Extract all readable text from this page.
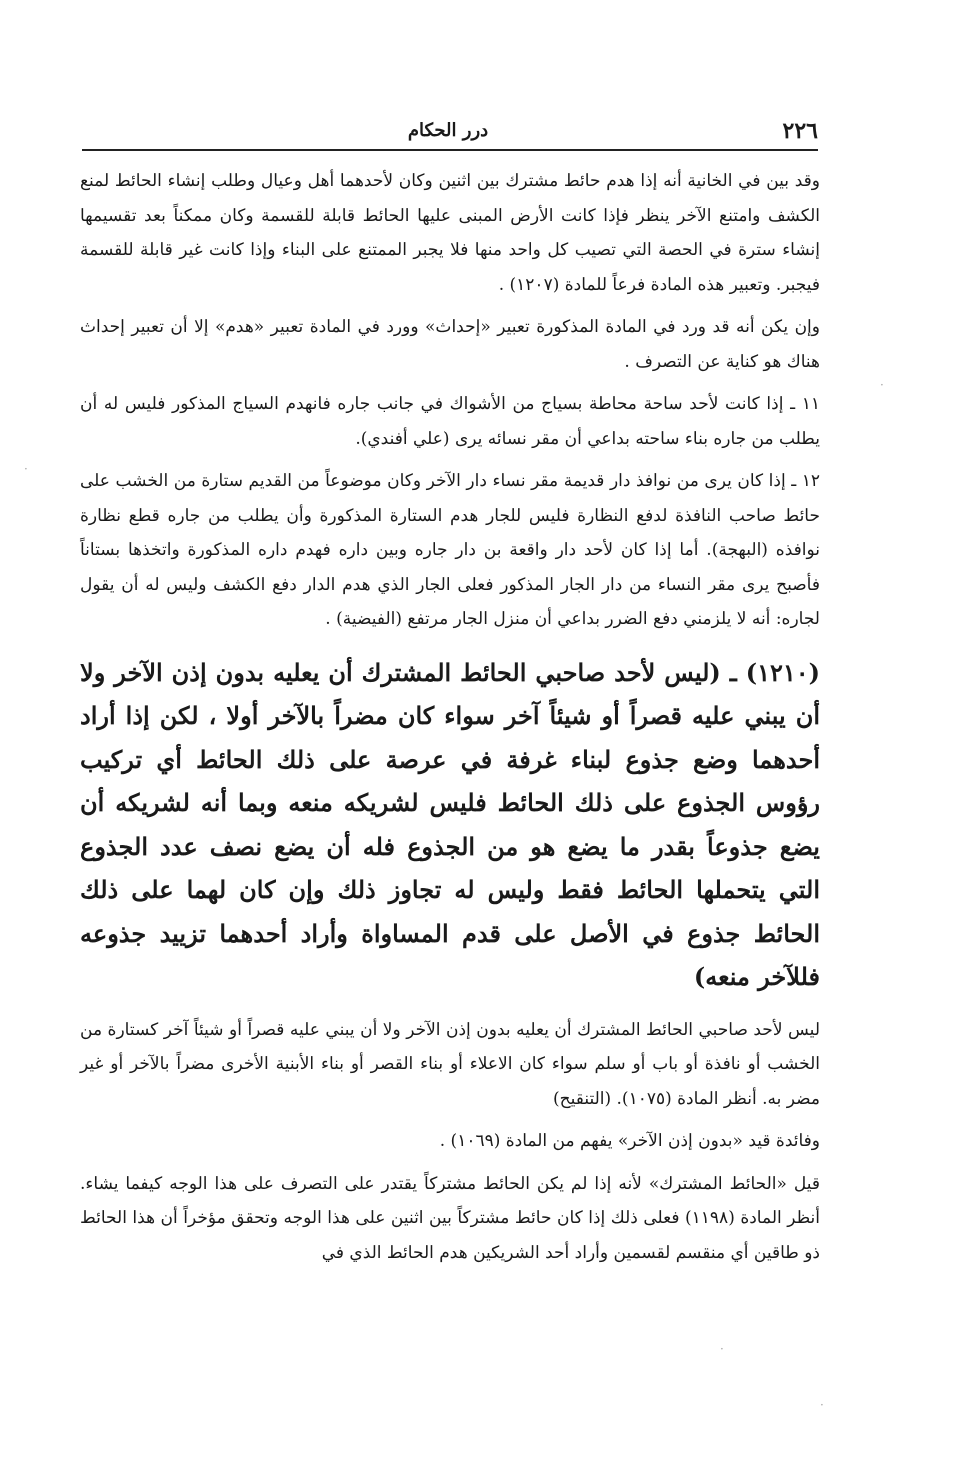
٢٢٦
درر الحكام

وقد بين في الخانية أنه إذا هدم حائط مشترك بين اثنين وكان لأحدهما أهل وعيال وطلب إنشاء الحائط لمنع الكشف وامتنع الآخر ينظر فإذا كانت الأرض المبنى عليها الحائط قابلة للقسمة وكان ممكناً بعد تقسيمها إنشاء سترة في الحصة التي تصيب كل واحد منها فلا يجبر الممتنع على البناء وإذا كانت غير قابلة للقسمة فيجبر. وتعبير هذه المادة فرعاً للمادة (١٢٠٧) .

وإن يكن أنه قد ورد في المادة المذكورة تعبير «إحداث» وورد في المادة تعبير «هدم» إلا أن تعبير إحداث هناك هو كناية عن التصرف .

١١ ـ إذا كانت لأحد ساحة محاطة بسياج من الأشواك في جانب جاره فانهدم السياج المذكور فليس له أن يطلب من جاره بناء ساحته بداعي أن مقر نسائه يرى (علي أفندي).

١٢ ـ إذا كان يرى من نوافذ دار قديمة مقر نساء دار الآخر وكان موضوعاً من القديم ستارة من الخشب على حائط صاحب النافذة لدفع النظارة فليس للجار هدم الستارة المذكورة وأن يطلب من جاره قطع نظارة نوافذه (البهجة). أما إذا كان لأحد دار واقعة بن دار جاره وبين داره فهدم داره المذكورة واتخذها بستاناً فأصبح يرى مقر النساء من دار الجار المذكور فعلى الجار الذي هدم الدار دفع الكشف وليس له أن يقول لجاره: أنه لا يلزمني دفع الضرر بداعي أن منزل الجار مرتفع (الفيضية) .

(١٢١٠) ـ (ليس لأحد صاحبي الحائط المشترك أن يعليه بدون إذن الآخر ولا أن يبني عليه قصراً أو شيئاً آخر سواء كان مضراً بالآخر أولا ، لكن إذا أراد أحدهما وضع جذوع لبناء غرفة في عرصة على ذلك الحائط أي تركيب رؤوس الجذوع على ذلك الحائط فليس لشريكه منعه وبما أنه لشريكه أن يضع جذوعاً بقدر ما يضع هو من الجذوع فله أن يضع نصف عدد الجذوع التي يتحملها الحائط فقط وليس له تجاوز ذلك وإن كان لهما على ذلك الحائط جذوع في الأصل على قدم المساواة وأراد أحدهما تزييد جذوعه فللآخر منعه)

ليس لأحد صاحبي الحائط المشترك أن يعليه بدون إذن الآخر ولا أن يبني عليه قصراً أو شيئاً آخر كستارة من الخشب أو نافذة أو باب أو سلم سواء كان الاعلاء أو بناء القصر أو بناء الأبنية الأخرى مضراً بالآخر أو غير مضر به. أنظر المادة (١٠٧٥). (التنقيح)

وفائدة قيد «بدون إذن الآخر» يفهم من المادة (١٠٦٩) .

قيل «الحائط المشترك» لأنه إذا لم يكن الحائط مشتركاً يقتدر على التصرف على هذا الوجه كيفما يشاء. أنظر المادة (١١٩٨) فعلى ذلك إذا كان حائط مشتركاً بين اثنين على هذا الوجه وتحقق مؤخراً أن هذا الحائط ذو طاقين أي منقسم لقسمين وأراد أحد الشريكين هدم الحائط الذي في

·
·
·
·
